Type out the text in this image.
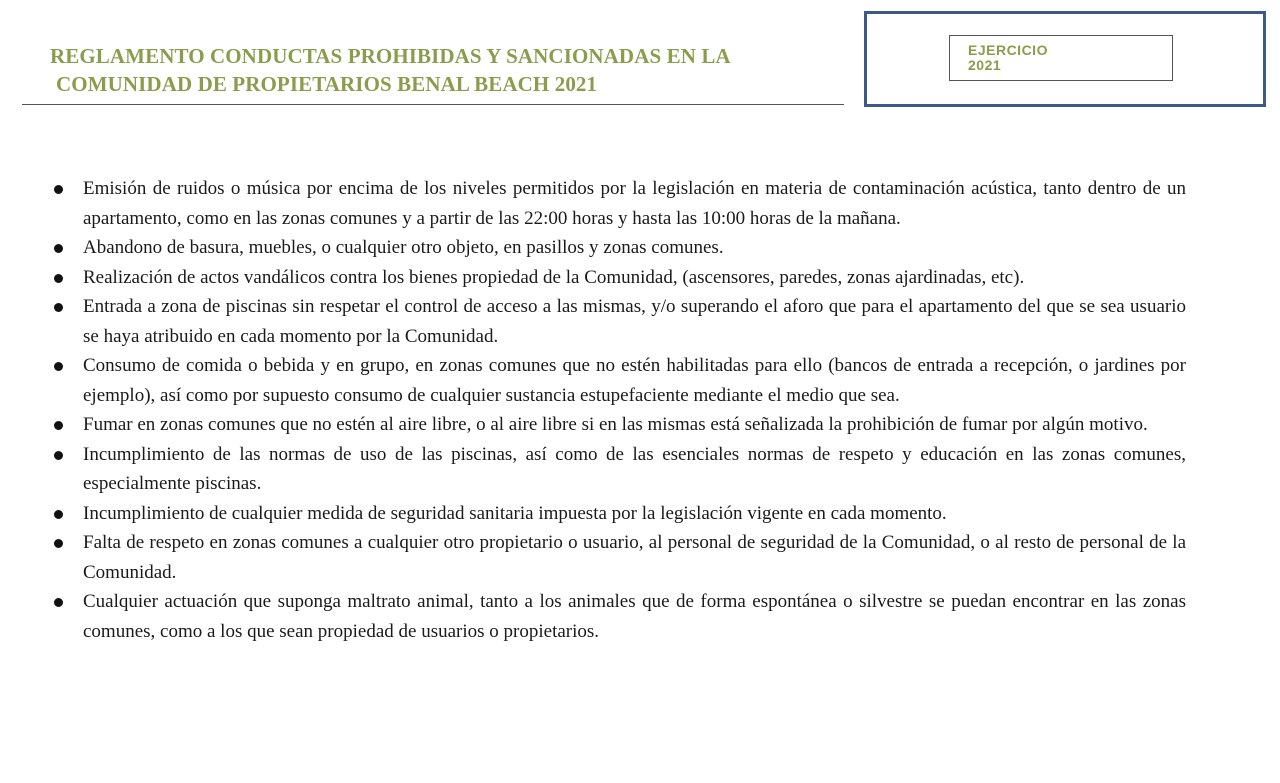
REGLAMENTO CONDUCTAS PROHIBIDAS Y SANCIONADAS EN LA
COMUNIDAD DE PROPIETARIOS BENAL BEACH 2021
EJERCICIO
2021
Emisión de ruidos o música por encima de los niveles permitidos por la legislación en materia de contaminación acústica, tanto dentro de un apartamento, como en las zonas comunes y a partir de las 22:00 horas y hasta las 10:00 horas de la mañana.
Abandono de basura, muebles, o cualquier otro objeto, en pasillos y zonas comunes.
Realización de actos vandálicos contra los bienes propiedad de la Comunidad, (ascensores, paredes, zonas ajardinadas, etc).
Entrada a zona de piscinas sin respetar el control de acceso a las mismas, y/o superando el aforo que para el apartamento del que se sea usuario se haya atribuido en cada momento por la Comunidad.
Consumo de comida o bebida y en grupo, en zonas comunes que no estén habilitadas para ello (bancos de entrada a recepción, o jardines por ejemplo), así como por supuesto consumo de cualquier sustancia estupefaciente mediante el medio que sea.
Fumar en zonas comunes que no estén al aire libre, o al aire libre si en las mismas está señalizada la prohibición de fumar por algún motivo.
Incumplimiento de las normas de uso de las piscinas, así como de las esenciales normas de respeto y educación en las zonas comunes, especialmente piscinas.
Incumplimiento de cualquier medida de seguridad sanitaria impuesta por la legislación vigente en cada momento.
Falta de respeto en zonas comunes a cualquier otro propietario o usuario, al personal de seguridad de la Comunidad, o al resto de personal de la Comunidad.
Cualquier actuación que suponga maltrato animal, tanto a los animales que de forma espontánea o silvestre se puedan encontrar en las zonas comunes, como a los que sean propiedad de usuarios o propietarios.
